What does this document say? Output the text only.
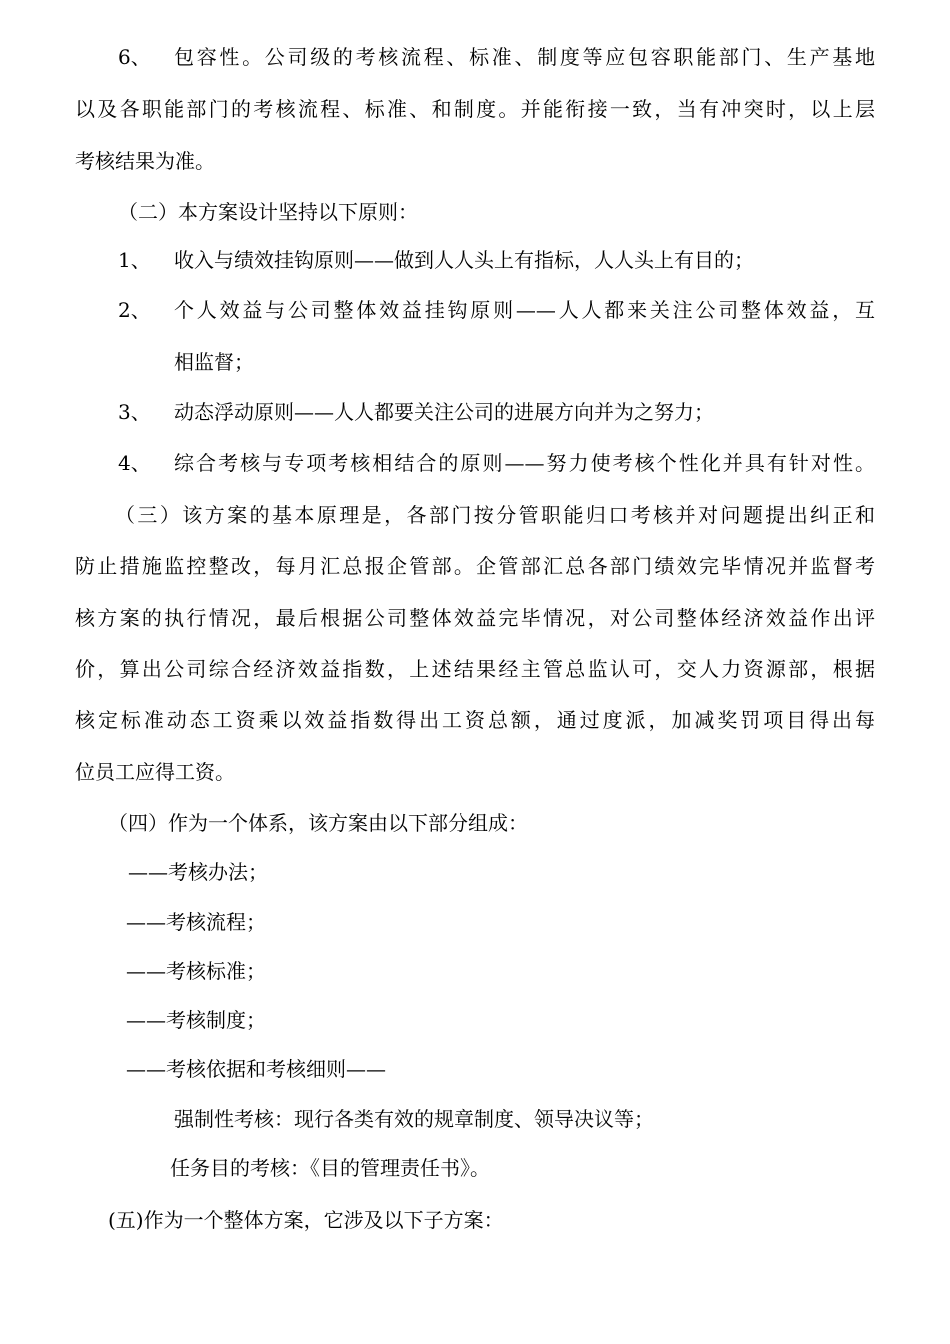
6、 包容性。公司级的考核流程、标准、制度等应包容职能部门、生产基地
以及各职能部门的考核流程、标准、和制度。并能衔接一致，当有冲突时，以上层
考核结果为准。
（二）本方案设计坚持以下原则：
1、 收入与绩效挂钩原则——做到人人头上有指标，人人头上有目的；
2、 个人效益与公司整体效益挂钩原则——人人都来关注公司整体效益，互
相监督；
3、 动态浮动原则——人人都要关注公司的进展方向并为之努力；
4、 综合考核与专项考核相结合的原则——努力使考核个性化并具有针对性。
（三）该方案的基本原理是，各部门按分管职能归口考核并对问题提出纠正和
防止措施监控整改，每月汇总报企管部。企管部汇总各部门绩效完毕情况并监督考
核方案的执行情况，最后根据公司整体效益完毕情况，对公司整体经济效益作出评
价，算出公司综合经济效益指数，上述结果经主管总监认可，交人力资源部，根据
核定标准动态工资乘以效益指数得出工资总额，通过度派，加减奖罚项目得出每
位员工应得工资。
（四）作为一个体系，该方案由以下部分组成：
——考核办法；
——考核流程；
——考核标准；
——考核制度；
——考核依据和考核细则——
强制性考核：现行各类有效的规章制度、领导决议等；
任务目的考核：《目的管理责任书》。
(五)作为一个整体方案，它涉及以下子方案：
